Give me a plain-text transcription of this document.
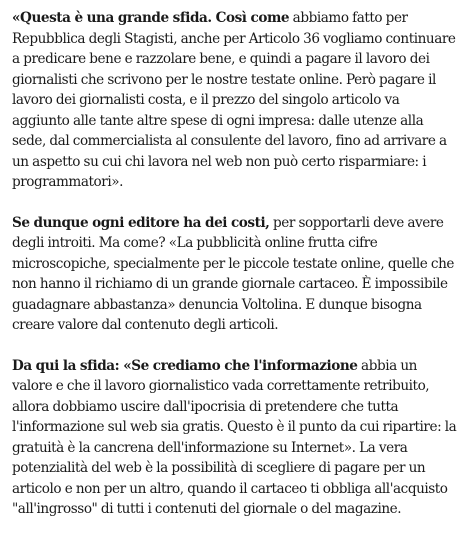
«Questa è una grande sfida. Così come abbiamo fatto per Repubblica degli Stagisti, anche per Articolo 36 vogliamo continuare a predicare bene e razzolare bene, e quindi a pagare il lavoro dei giornalisti che scrivono per le nostre testate online. Però pagare il lavoro dei giornalisti costa, e il prezzo del singolo articolo va aggiunto alle tante altre spese di ogni impresa: dalle utenze alla sede, dal commercialista al consulente del lavoro, fino ad arrivare a un aspetto su cui chi lavora nel web non può certo risparmiare: i programmatori».

Se dunque ogni editore ha dei costi, per sopportarli deve avere degli introiti. Ma come? «La pubblicità online frutta cifre microscopiche, specialmente per le piccole testate online, quelle che non hanno il richiamo di un grande giornale cartaceo. È impossibile guadagnare abbastanza» denuncia Voltolina. E dunque bisogna creare valore dal contenuto degli articoli.

Da qui la sfida: «Se crediamo che l'informazione abbia un valore e che il lavoro giornalistico vada correttamente retribuito, allora dobbiamo uscire dall'ipocrisia di pretendere che tutta l'informazione sul web sia gratis. Questo è il punto da cui ripartire: la gratuità è la cancrena dell'informazione su Internet». La vera potenzialità del web è la possibilità di scegliere di pagare per un articolo e non per un altro, quando il cartaceo ti obbliga all'acquisto "all'ingrosso" di tutti i contenuti del giornale o del magazine.
